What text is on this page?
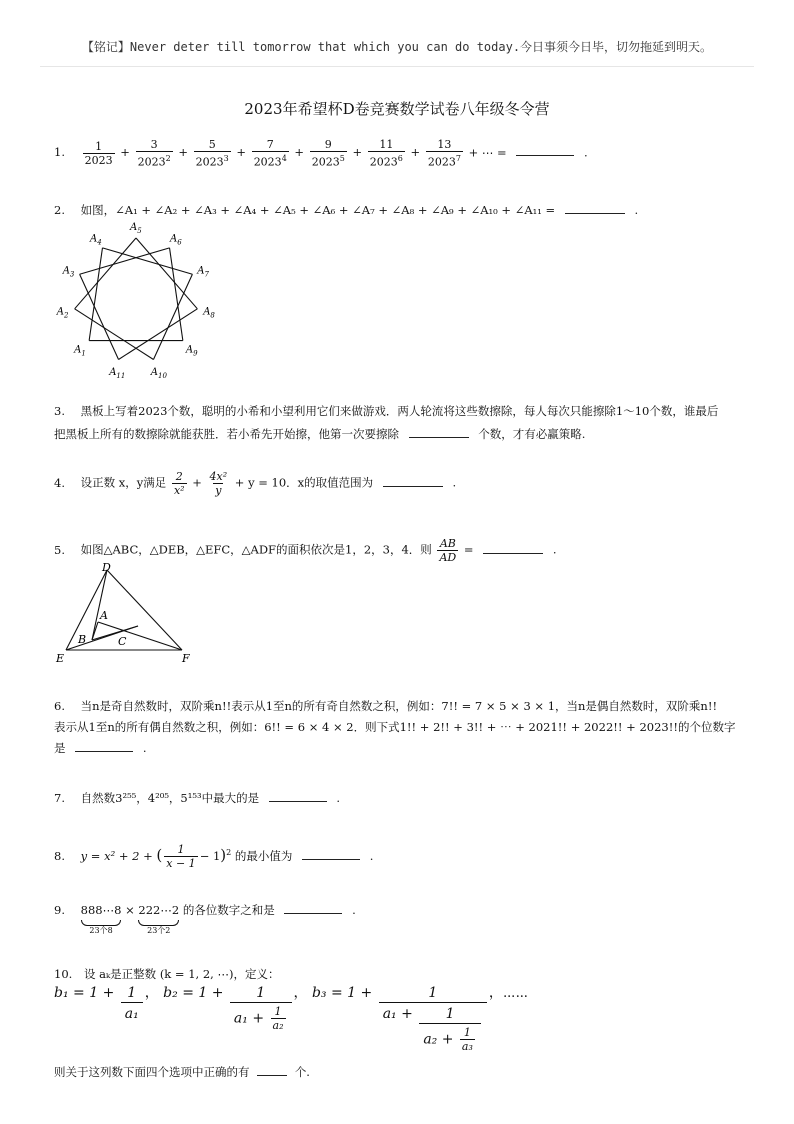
【铭记】Never deter till tomorrow that which you can do today.今日事须今日毕，切勿拖延到明天。
2023年希望杯D卷竞赛数学试卷八年级冬令营
1. $\frac{1}{2023} + \frac{3}{2023^2} + \frac{5}{2023^3} + \frac{7}{2023^4} + \frac{9}{2023^5} + \frac{11}{2023^6} + \frac{13}{2023^7}$ + ⋯ =	.
2. 如图，∠A₁ + ∠A₂ + ∠A₃ + ∠A₄ + ∠A₅ + ∠A₆ + ∠A₇ + ∠A₈ + ∠A₉ + ∠A₁₀ + ∠A₁₁ =	.
$A_5$
$A_6$
$A_7$
$A_8$
$A_9$
$A_{10}$
$A_{11}$
$A_1$
$A_2$
$A_3$
$A_4$
3. 黑板上写着2023个数，聪明的小希和小望利用它们来做游戏．两人轮流将这些数擦除，每人每次只能擦除1～10个数，谁最后
把黑板上所有的数擦除就能获胜．若小希先开始擦，他第一次要擦除	个数，才有必赢策略.
4. 设正数 x，y满足 $\frac{2}{\text{x²}} + \frac{\text{4x²}}{y} + y = 10$．x的取值范围为	.
5. 如图△ABC，△DEB，△EFC，△ADF的面积依次是1，2，3，4．则 $\frac{AB}{AD}$ =	.
D
A
B	C
E	F
6. 当n是奇自然数时，双阶乘n!!表示从1至n的所有奇自然数之积，例如：7!! = 7 × 5 × 3 × 1，当n是偶自然数时，双阶乘n!!
表示从1至n的所有偶自然数之积，例如：6!! = 6 × 4 × 2．则下式1!! + 2!! + 3!! + ⋯ + 2021!! + 2022!! + 2023!!的个位数字
是	.
7. 自然数3²⁵⁵，4²⁰⁵，5¹⁵³中最大的是	.
8. y = x² + 2 + ( $\frac{1}{x - 1} - 1)^2$ 的最小值为	.
9. 888⋯8
23个8
× 222⋯2
23个2
的各位数字之和是	.
10. 设 aₖ是正整数 (k = 1, 2, ⋯)，定义：
$b_1 = 1 + \frac{1}{\text{a₁}}$ ， $b_2 = 1 + \frac{1}{a_1 + \frac{1}{\text{a₂}}}$ ， $b_3 = 1 + \frac{1}{a_1 + \frac{1}{a_2 + \frac{1}{\text{a₃}}}}$ ，⋯⋯
则关于这列数下面四个选项中正确的有	个.
